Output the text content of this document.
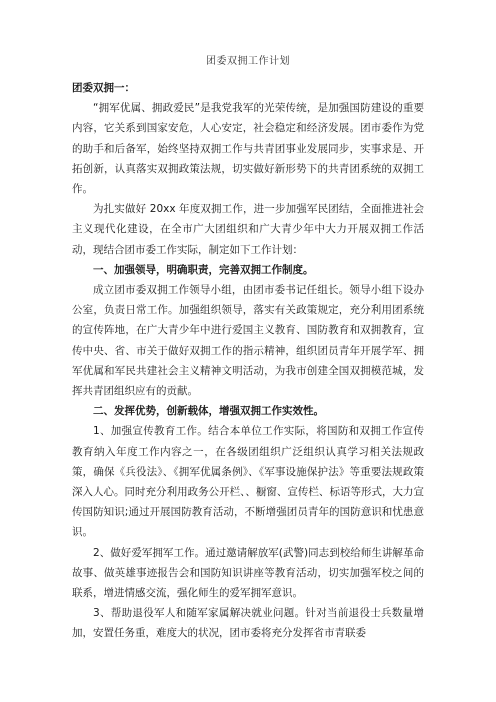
团委双拥工作计划

团委双拥一：

“拥军优属、拥政爱民”是我党我军的光荣传统，是加强国防建设的重要内容，它关系到国家安危，人心安定，社会稳定和经济发展。团市委作为党的助手和后备军，始终坚持双拥工作与共青团事业发展同步，实事求是、开拓创新，认真落实双拥政策法规，切实做好新形势下的共青团系统的双拥工作。

为扎实做好 20xx 年度双拥工作，进一步加强军民团结，全面推进社会主义现代化建设，在全市广大团组织和广大青少年中大力开展双拥工作活动，现结合团市委工作实际，制定如下工作计划：

一、加强领导，明确职责，完善双拥工作制度。

成立团市委双拥工作领导小组，由团市委书记任组长。领导小组下设办公室，负责日常工作。加强组织领导，落实有关政策规定，充分利用团系统的宣传阵地，在广大青少年中进行爱国主义教育、国防教育和双拥教育，宣传中央、省、市关于做好双拥工作的指示精神，组织团员青年开展学军、拥军优属和军民共建社会主义精神文明活动，为我市创建全国双拥模范城，发挥共青团组织应有的贡献。

二、发挥优势，创新载体，增强双拥工作实效性。

1、加强宣传教育工作。结合本单位工作实际，将国防和双拥工作宣传教育纳入年度工作内容之一，在各级团组织广泛组织认真学习相关法规政策，确保《兵役法》、《拥军优属条例》、《军事设施保护法》等重要法规政策深入人心。同时充分利用政务公开栏、、橱窗、宣传栏、标语等形式，大力宣传国防知识;通过开展国防教育活动，不断增强团员青年的国防意识和忧患意识。

2、做好爱军拥军工作。通过邀请解放军(武警)同志到校给师生讲解革命故事、做英雄事迹报告会和国防知识讲座等教育活动，切实加强军校之间的联系，增进情感交流，强化师生的爱军拥军意识。

3、帮助退役军人和随军家属解决就业问题。针对当前退役士兵数量增加，安置任务重，难度大的状况，团市委将充分发挥省市青联委
